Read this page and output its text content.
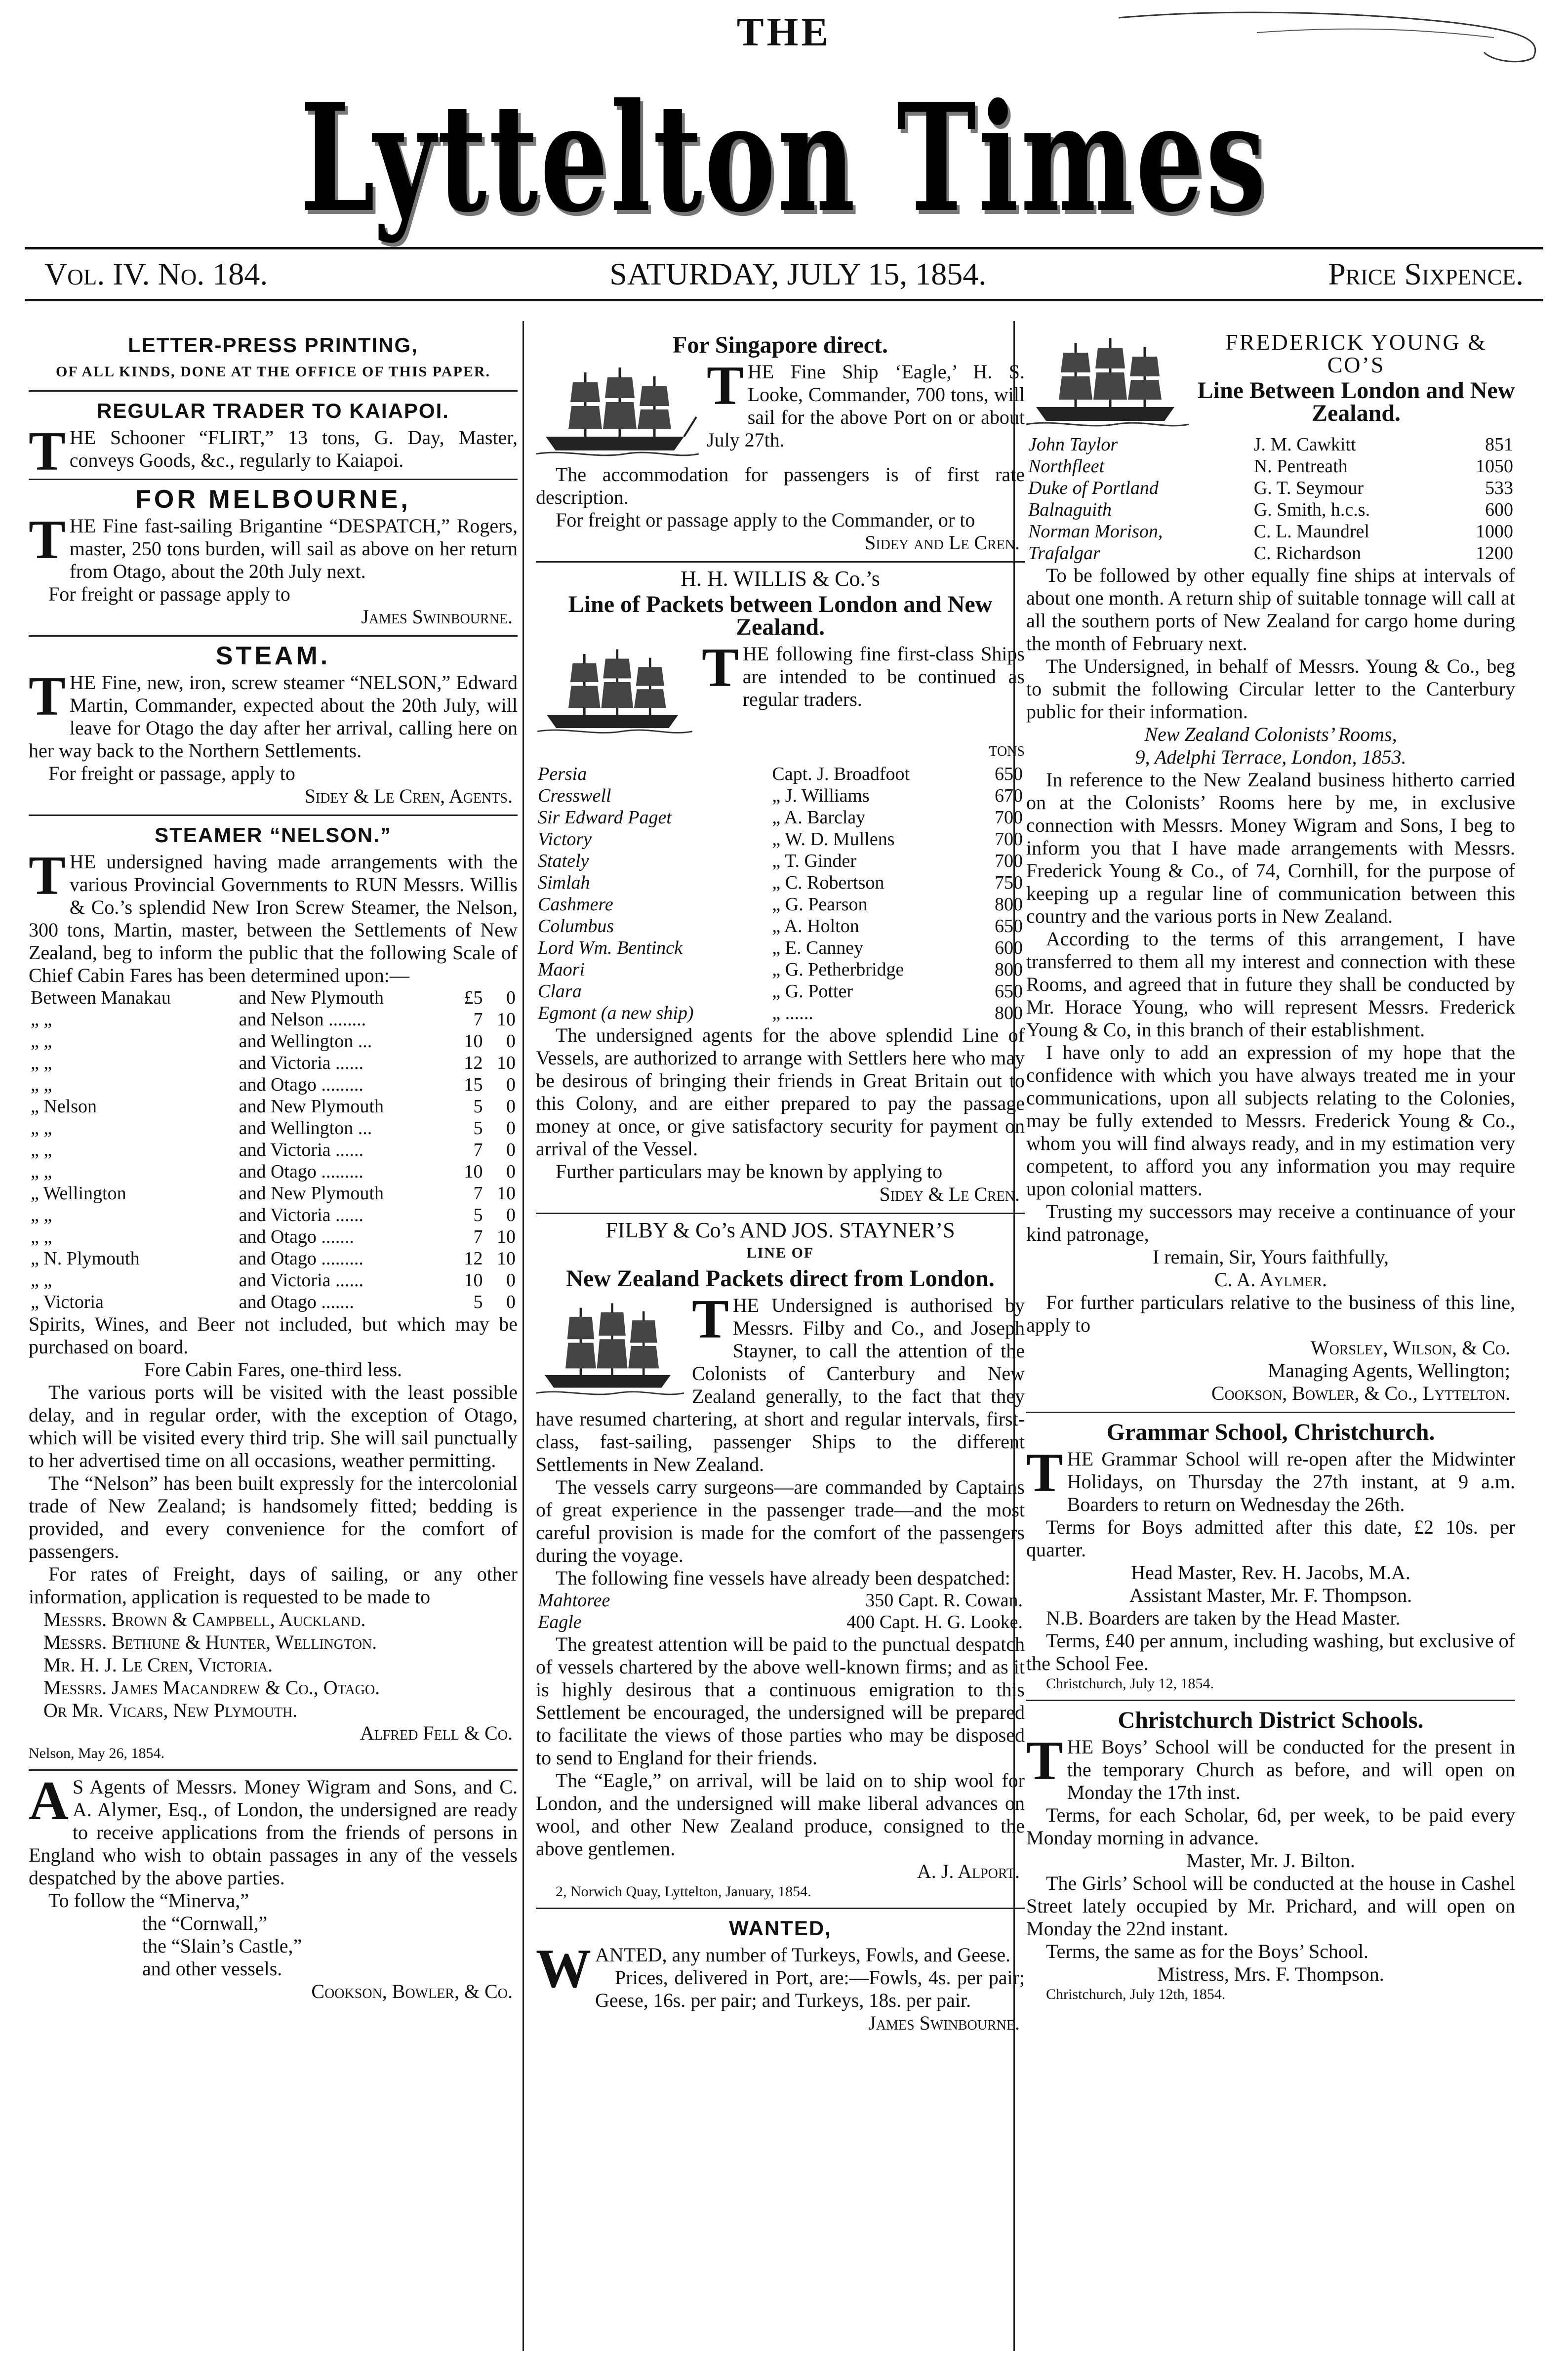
THE
Lyttelton Times
Vol. IV. No. 184.	SATURDAY, JULY 15, 1854.	Price Sixpence.
LETTER-PRESS PRINTING,
OF ALL KINDS, DONE AT THE OFFICE OF THIS PAPER.
REGULAR TRADER TO KAIAPOI.

THE Schooner “FLIRT,” 13 tons, G. Day, Master, conveys Goods, &c., regularly to Kaiapoi.

FOR MELBOURNE,

THE Fine fast-sailing Brigantine “DESPATCH,” Rogers, master, 250 tons burden, will sail as above on her return from Otago, about the 20th July next.

For freight or passage apply to

James Swinbourne.
STEAM.

THE Fine, new, iron, screw steamer “NELSON,” Edward Martin, Commander, expected about the 20th July, will leave for Otago the day after her arrival, calling here on her way back to the Northern Settlements.

For freight or passage, apply to

Sidey & Le Cren, Agents.
STEAMER “NELSON.”

THE undersigned having made arrangements with the various Provincial Governments to RUN Messrs. Willis & Co.’s splendid New Iron Screw Steamer, the Nelson, 300 tons, Martin, master, between the Settlements of New Zealand, beg to inform the public that the following Scale of Chief Cabin Fares has been determined upon:—

Between Manakau	and New Plymouth	£5	0
„ „	and Nelson ........	7	10
„ „	and Wellington ...	10	0
„ „	and Victoria ......	12	10
„ „	and Otago .........	15	0
„ Nelson	and New Plymouth	5	0
„ „	and Wellington ...	5	0
„ „	and Victoria ......	7	0
„ „	and Otago .........	10	0
„ Wellington	and New Plymouth	7	10
„ „	and Victoria ......	5	0
„ „	and Otago .......	7	10
„ N. Plymouth	and Otago .........	12	10
„ „	and Victoria ......	10	0
„ Victoria	and Otago .......	5	0

Spirits, Wines, and Beer not included, but which may be purchased on board.

Fore Cabin Fares, one-third less.

The various ports will be visited with the least possible delay, and in regular order, with the exception of Otago, which will be visited every third trip. She will sail punctually to her advertised time on all occasions, weather permitting.

The “Nelson” has been built expressly for the intercolonial trade of New Zealand; is handsomely fitted; bedding is provided, and every convenience for the comfort of passengers.

For rates of Freight, days of sailing, or any other information, application is requested to be made to

Messrs. Brown & Campbell, Auckland.
Messrs. Bethune & Hunter, Wellington.
Mr. H. J. Le Cren, Victoria.
Messrs. James Macandrew & Co., Otago.
Or Mr. Vicars, New Plymouth.
Alfred Fell & Co.
Nelson, May 26, 1854.

AS Agents of Messrs. Money Wigram and Sons, and C. A. Alymer, Esq., of London, the undersigned are ready to receive applications from the friends of persons in England who wish to obtain passages in any of the vessels despatched by the above parties.

To follow the “Minerva,”

the “Cornwall,”
the “Slain’s Castle,”
and other vessels.
Cookson, Bowler, & Co.
For Singapore direct.

THE Fine Ship ‘Eagle,’ H. S. Looke, Commander, 700 tons, will sail for the above Port on or about July 27th.

The accommodation for passengers is of first rate description.

For freight or passage apply to the Commander, or to

Sidey and Le Cren.
H. H. WILLIS & Co.’s
Line of Packets between London and New Zealand.

THE following fine first-class Ships are intended to be continued as regular traders.

TONS
Persia	Capt. J. Broadfoot	650
Cresswell	„ J. Williams	670
Sir Edward Paget	„ A. Barclay	700
Victory	„ W. D. Mullens	700
Stately	„ T. Ginder	700
Simlah	„ C. Robertson	750
Cashmere	„ G. Pearson	800
Columbus	„ A. Holton	650
Lord Wm. Bentinck	„ E. Canney	600
Maori	„ G. Petherbridge	800
Clara	„ G. Potter	650
Egmont (a new ship)	„ ......	800

The undersigned agents for the above splendid Line of Vessels, are authorized to arrange with Settlers here who may be desirous of bringing their friends in Great Britain out to this Colony, and are either prepared to pay the passage money at once, or give satisfactory security for payment on arrival of the Vessel.

Further particulars may be known by applying to

Sidey & Le Cren.
FILBY & Co’s AND JOS. STAYNER’S
LINE OF
New Zealand Packets direct from London.

THE Undersigned is authorised by Messrs. Filby and Co., and Joseph Stayner, to call the attention of the Colonists of Canterbury and New Zealand generally, to the fact that they have resumed chartering, at short and regular intervals, first-class, fast-sailing, passenger Ships to the different Settlements in New Zealand.

The vessels carry surgeons—are commanded by Captains of great experience in the passenger trade—and the most careful provision is made for the comfort of the passengers during the voyage.

The following fine vessels have already been despatched:

Mahtoree	350 Capt. R. Cowan.
Eagle	400 Capt. H. G. Looke.

The greatest attention will be paid to the punctual despatch of vessels chartered by the above well-known firms; and as it is highly desirous that a continuous emigration to this Settlement be encouraged, the undersigned will be prepared to facilitate the views of those parties who may be disposed to send to England for their friends.

The “Eagle,” on arrival, will be laid on to ship wool for London, and the undersigned will make liberal advances on wool, and other New Zealand produce, consigned to the above gentlemen.

A. J. Alport.
2, Norwich Quay, Lyttelton, January, 1854.
WANTED,

WANTED, any number of Turkeys, Fowls, and Geese.

Prices, delivered in Port, are:—Fowls, 4s. per pair; Geese, 16s. per pair; and Turkeys, 18s. per pair.

James Swinbourne.
FREDERICK YOUNG & CO’S
Line Between London and New Zealand.
John Taylor	J. M. Cawkitt	851
Northfleet	N. Pentreath	1050
Duke of Portland	G. T. Seymour	533
Balnaguith	G. Smith, h.c.s.	600
Norman Morison,	C. L. Maundrel	1000
Trafalgar	C. Richardson	1200

To be followed by other equally fine ships at intervals of about one month. A return ship of suitable tonnage will call at all the southern ports of New Zealand for cargo home during the month of February next.

The Undersigned, in behalf of Messrs. Young & Co., beg to submit the following Circular letter to the Canterbury public for their information.

New Zealand Colonists’ Rooms,
9, Adelphi Terrace, London, 1853.

In reference to the New Zealand business hitherto carried on at the Colonists’ Rooms here by me, in exclusive connection with Messrs. Money Wigram and Sons, I beg to inform you that I have made arrangements with Messrs. Frederick Young & Co., of 74, Cornhill, for the purpose of keeping up a regular line of communication between this country and the various ports in New Zealand.

According to the terms of this arrangement, I have transferred to them all my interest and connection with these Rooms, and agreed that in future they shall be conducted by Mr. Horace Young, who will represent Messrs. Frederick Young & Co, in this branch of their establishment.

I have only to add an expression of my hope that the confidence with which you have always treated me in your communications, upon all subjects relating to the Colonies, may be fully extended to Messrs. Frederick Young & Co., whom you will find always ready, and in my estimation very competent, to afford you any information you may require upon colonial matters.

Trusting my successors may receive a continuance of your kind patronage,

I remain, Sir, Yours faithfully,
C. A. Aylmer.

For further particulars relative to the business of this line, apply to

Worsley, Wilson, & Co.
Managing Agents, Wellington;
Cookson, Bowler, & Co., Lyttelton.
Grammar School, Christchurch.

THE Grammar School will re-open after the Midwinter Holidays, on Thursday the 27th instant, at 9 a.m. Boarders to return on Wednesday the 26th.

Terms for Boys admitted after this date, £2 10s. per quarter.

Head Master, Rev. H. Jacobs, M.A.
Assistant Master, Mr. F. Thompson.

N.B. Boarders are taken by the Head Master.

Terms, £40 per annum, including washing, but exclusive of the School Fee.

Christchurch, July 12, 1854.
Christchurch District Schools.

THE Boys’ School will be conducted for the present in the temporary Church as before, and will open on Monday the 17th inst.

Terms, for each Scholar, 6d, per week, to be paid every Monday morning in advance.

Master, Mr. J. Bilton.

The Girls’ School will be conducted at the house in Cashel Street lately occupied by Mr. Prichard, and will open on Monday the 22nd instant.

Terms, the same as for the Boys’ School.

Mistress, Mrs. F. Thompson.
Christchurch, July 12th, 1854.
